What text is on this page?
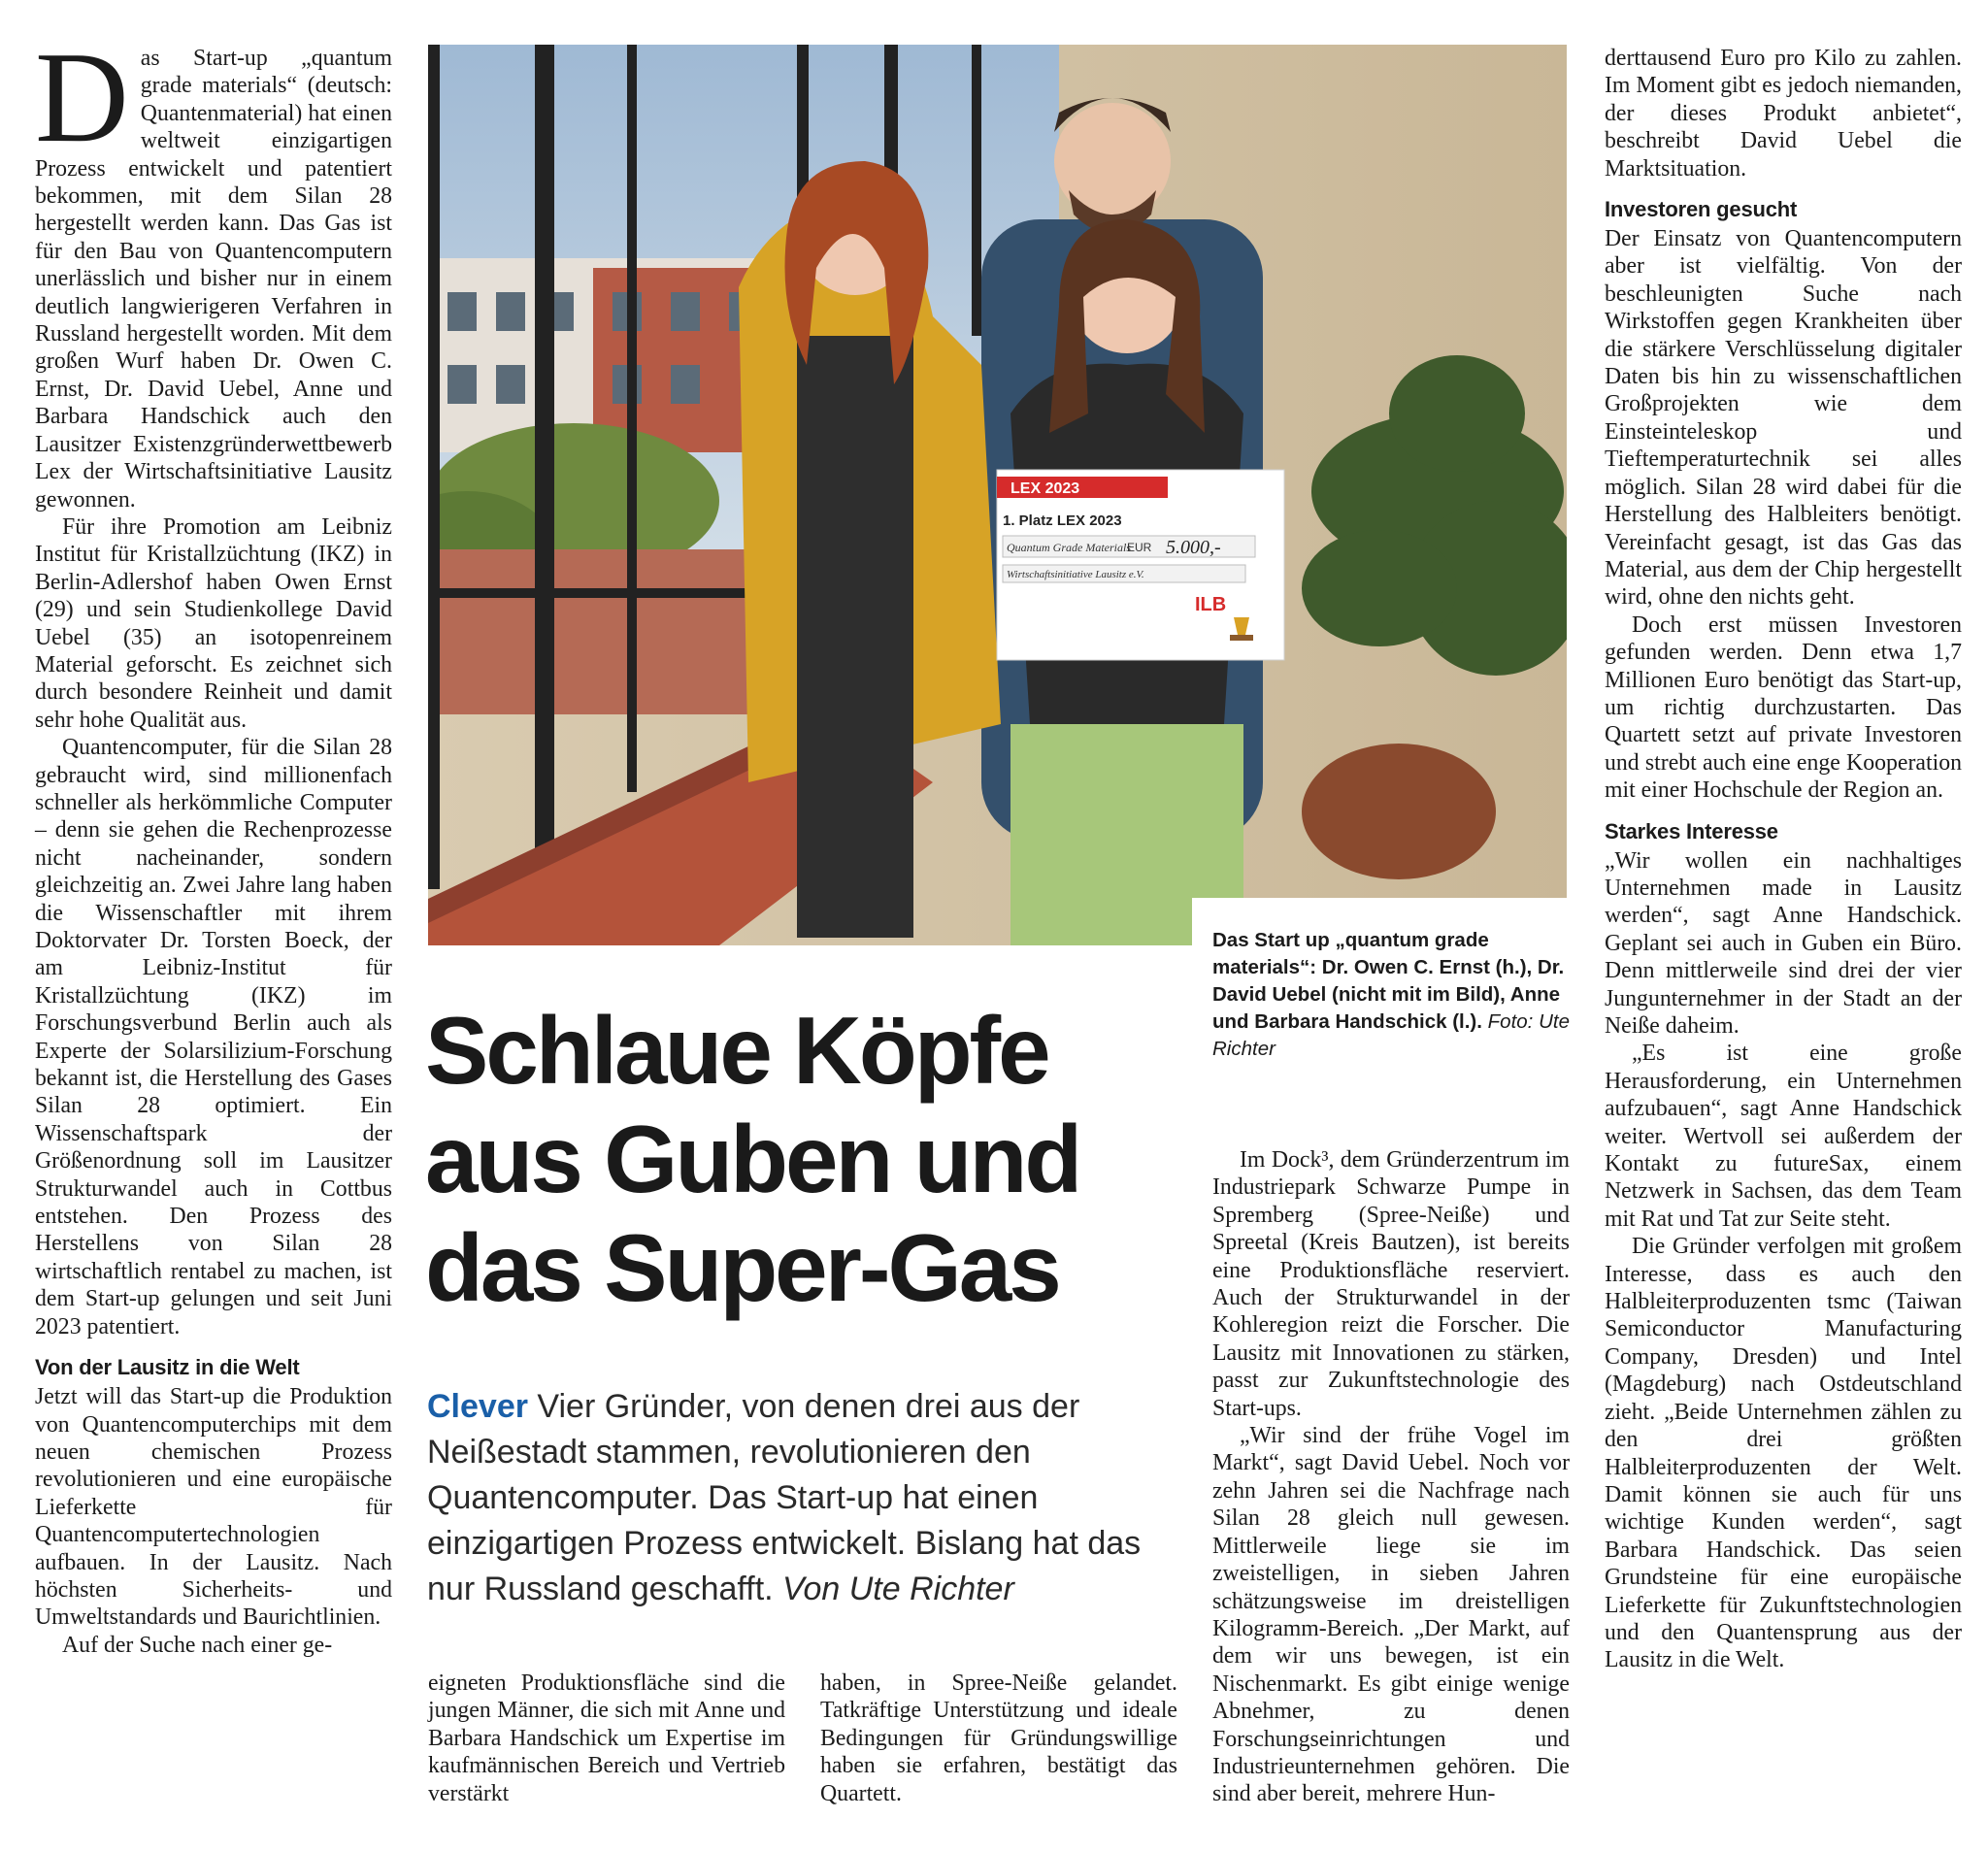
Das Start-up „quantum grade materials“ (deutsch: Quantenmaterial) hat einen weltweit einzigartigen Prozess entwickelt und patentiert bekommen, mit dem Silan 28 hergestellt werden kann. Das Gas ist für den Bau von Quantencomputern unerlässlich und bisher nur in einem deutlich langwierigeren Verfahren in Russland hergestellt worden. Mit dem großen Wurf haben Dr. Owen C. Ernst, Dr. David Uebel, Anne und Barbara Handschick auch den Lausitzer Existenzgründerwettbewerb Lex der Wirtschaftsinitiative Lausitz gewonnen.

Für ihre Promotion am Leibniz Institut für Kristallzüchtung (IKZ) in Berlin-Adlershof haben Owen Ernst (29) und sein Studienkollege David Uebel (35) an isotopenreinem Material geforscht. Es zeichnet sich durch besondere Reinheit und damit sehr hohe Qualität aus.

Quantencomputer, für die Silan 28 gebraucht wird, sind millionenfach schneller als herkömmliche Computer – denn sie gehen die Rechenprozesse nicht nacheinander, sondern gleichzeitig an. Zwei Jahre lang haben die Wissenschaftler mit ihrem Doktorvater Dr. Torsten Boeck, der am Leibniz-Institut für Kristallzüchtung (IKZ) im Forschungsverbund Berlin auch als Experte der Solarsilizium-Forschung bekannt ist, die Herstellung des Gases Silan 28 optimiert. Ein Wissenschaftspark der Größenordnung soll im Lausitzer Strukturwandel auch in Cottbus entstehen. Den Prozess des Herstellens von Silan 28 wirtschaftlich rentabel zu machen, ist dem Start-up gelungen und seit Juni 2023 patentiert.

Von der Lausitz in die Welt

Jetzt will das Start-up die Produktion von Quantencomputerchips mit dem neuen chemischen Prozess revolutionieren und eine europäische Lieferkette für Quantencomputertechnologien aufbauen. In der Lausitz. Nach höchsten Sicherheits- und Umweltstandards und Baurichtlinien.

Auf der Suche nach einer ge-

LEX 2023
1. Platz LEX 2023
Quantum Grade Materials
EUR 5.000,-
Wirtschaftsinitiative Lausitz e.V.
ILB
Das Start up „quantum grade materials“: Dr. Owen C. Ernst (h.), Dr. David Uebel (nicht mit im Bild), Anne und Barbara Handschick (l.). Foto: Ute Richter
Schlaue Köpfe
aus Guben und
das Super-Gas

Clever Vier Gründer, von denen drei aus der Neißestadt stammen, revolutionieren den Quantencomputer. Das Start-up hat einen einzigartigen Prozess entwickelt. Bislang hat das nur Russland geschafft. Von Ute Richter

eigneten Produktionsfläche sind die jungen Männer, die sich mit Anne und Barbara Handschick um Expertise im kaufmännischen Bereich und Vertrieb verstärkt

haben, in Spree-Neiße gelandet. Tatkräftige Unterstützung und ideale Bedingungen für Gründungswillige haben sie erfahren, bestätigt das Quartett.

Im Dock³, dem Gründerzentrum im Industriepark Schwarze Pumpe in Spremberg (Spree-Neiße) und Spreetal (Kreis Bautzen), ist bereits eine Produktionsfläche reserviert. Auch der Strukturwandel in der Kohleregion reizt die Forscher. Die Lausitz mit Innovationen zu stärken, passt zur Zukunftstechnologie des Start-ups.

„Wir sind der frühe Vogel im Markt“, sagt David Uebel. Noch vor zehn Jahren sei die Nachfrage nach Silan 28 gleich null gewesen. Mittlerweile liege sie im zweistelligen, in sieben Jahren schätzungsweise im dreistelligen Kilogramm-Bereich. „Der Markt, auf dem wir uns bewegen, ist ein Nischenmarkt. Es gibt einige wenige Abnehmer, zu denen Forschungseinrichtungen und Industrieunternehmen gehören. Die sind aber bereit, mehrere Hun-

derttausend Euro pro Kilo zu zahlen. Im Moment gibt es jedoch niemanden, der dieses Produkt anbietet“, beschreibt David Uebel die Marktsituation.

Investoren gesucht

Der Einsatz von Quantencomputern aber ist vielfältig. Von der beschleunigten Suche nach Wirkstoffen gegen Krankheiten über die stärkere Verschlüsselung digitaler Daten bis hin zu wissenschaftlichen Großprojekten wie dem Einsteinteleskop und Tieftemperaturtechnik sei alles möglich. Silan 28 wird dabei für die Herstellung des Halbleiters benötigt. Vereinfacht gesagt, ist das Gas das Material, aus dem der Chip hergestellt wird, ohne den nichts geht.

Doch erst müssen Investoren gefunden werden. Denn etwa 1,7 Millionen Euro benötigt das Start-up, um richtig durchzustarten. Das Quartett setzt auf private Investoren und strebt auch eine enge Kooperation mit einer Hochschule der Region an.

Starkes Interesse

„Wir wollen ein nachhaltiges Unternehmen made in Lausitz werden“, sagt Anne Handschick. Geplant sei auch in Guben ein Büro. Denn mittlerweile sind drei der vier Jungunternehmer in der Stadt an der Neiße daheim.

„Es ist eine große Herausforderung, ein Unternehmen aufzubauen“, sagt Anne Handschick weiter. Wertvoll sei außerdem der Kontakt zu futureSax, einem Netzwerk in Sachsen, das dem Team mit Rat und Tat zur Seite steht.

Die Gründer verfolgen mit großem Interesse, dass es auch den Halbleiterproduzenten tsmc (Taiwan Semiconductor Manufacturing Company, Dresden) und Intel (Magdeburg) nach Ostdeutschland zieht. „Beide Unternehmen zählen zu den drei größten Halbleiterproduzenten der Welt. Damit können sie auch für uns wichtige Kunden werden“, sagt Barbara Handschick. Das seien Grundsteine für eine europäische Lieferkette für Zukunftstechnologien und den Quantensprung aus der Lausitz in die Welt.
